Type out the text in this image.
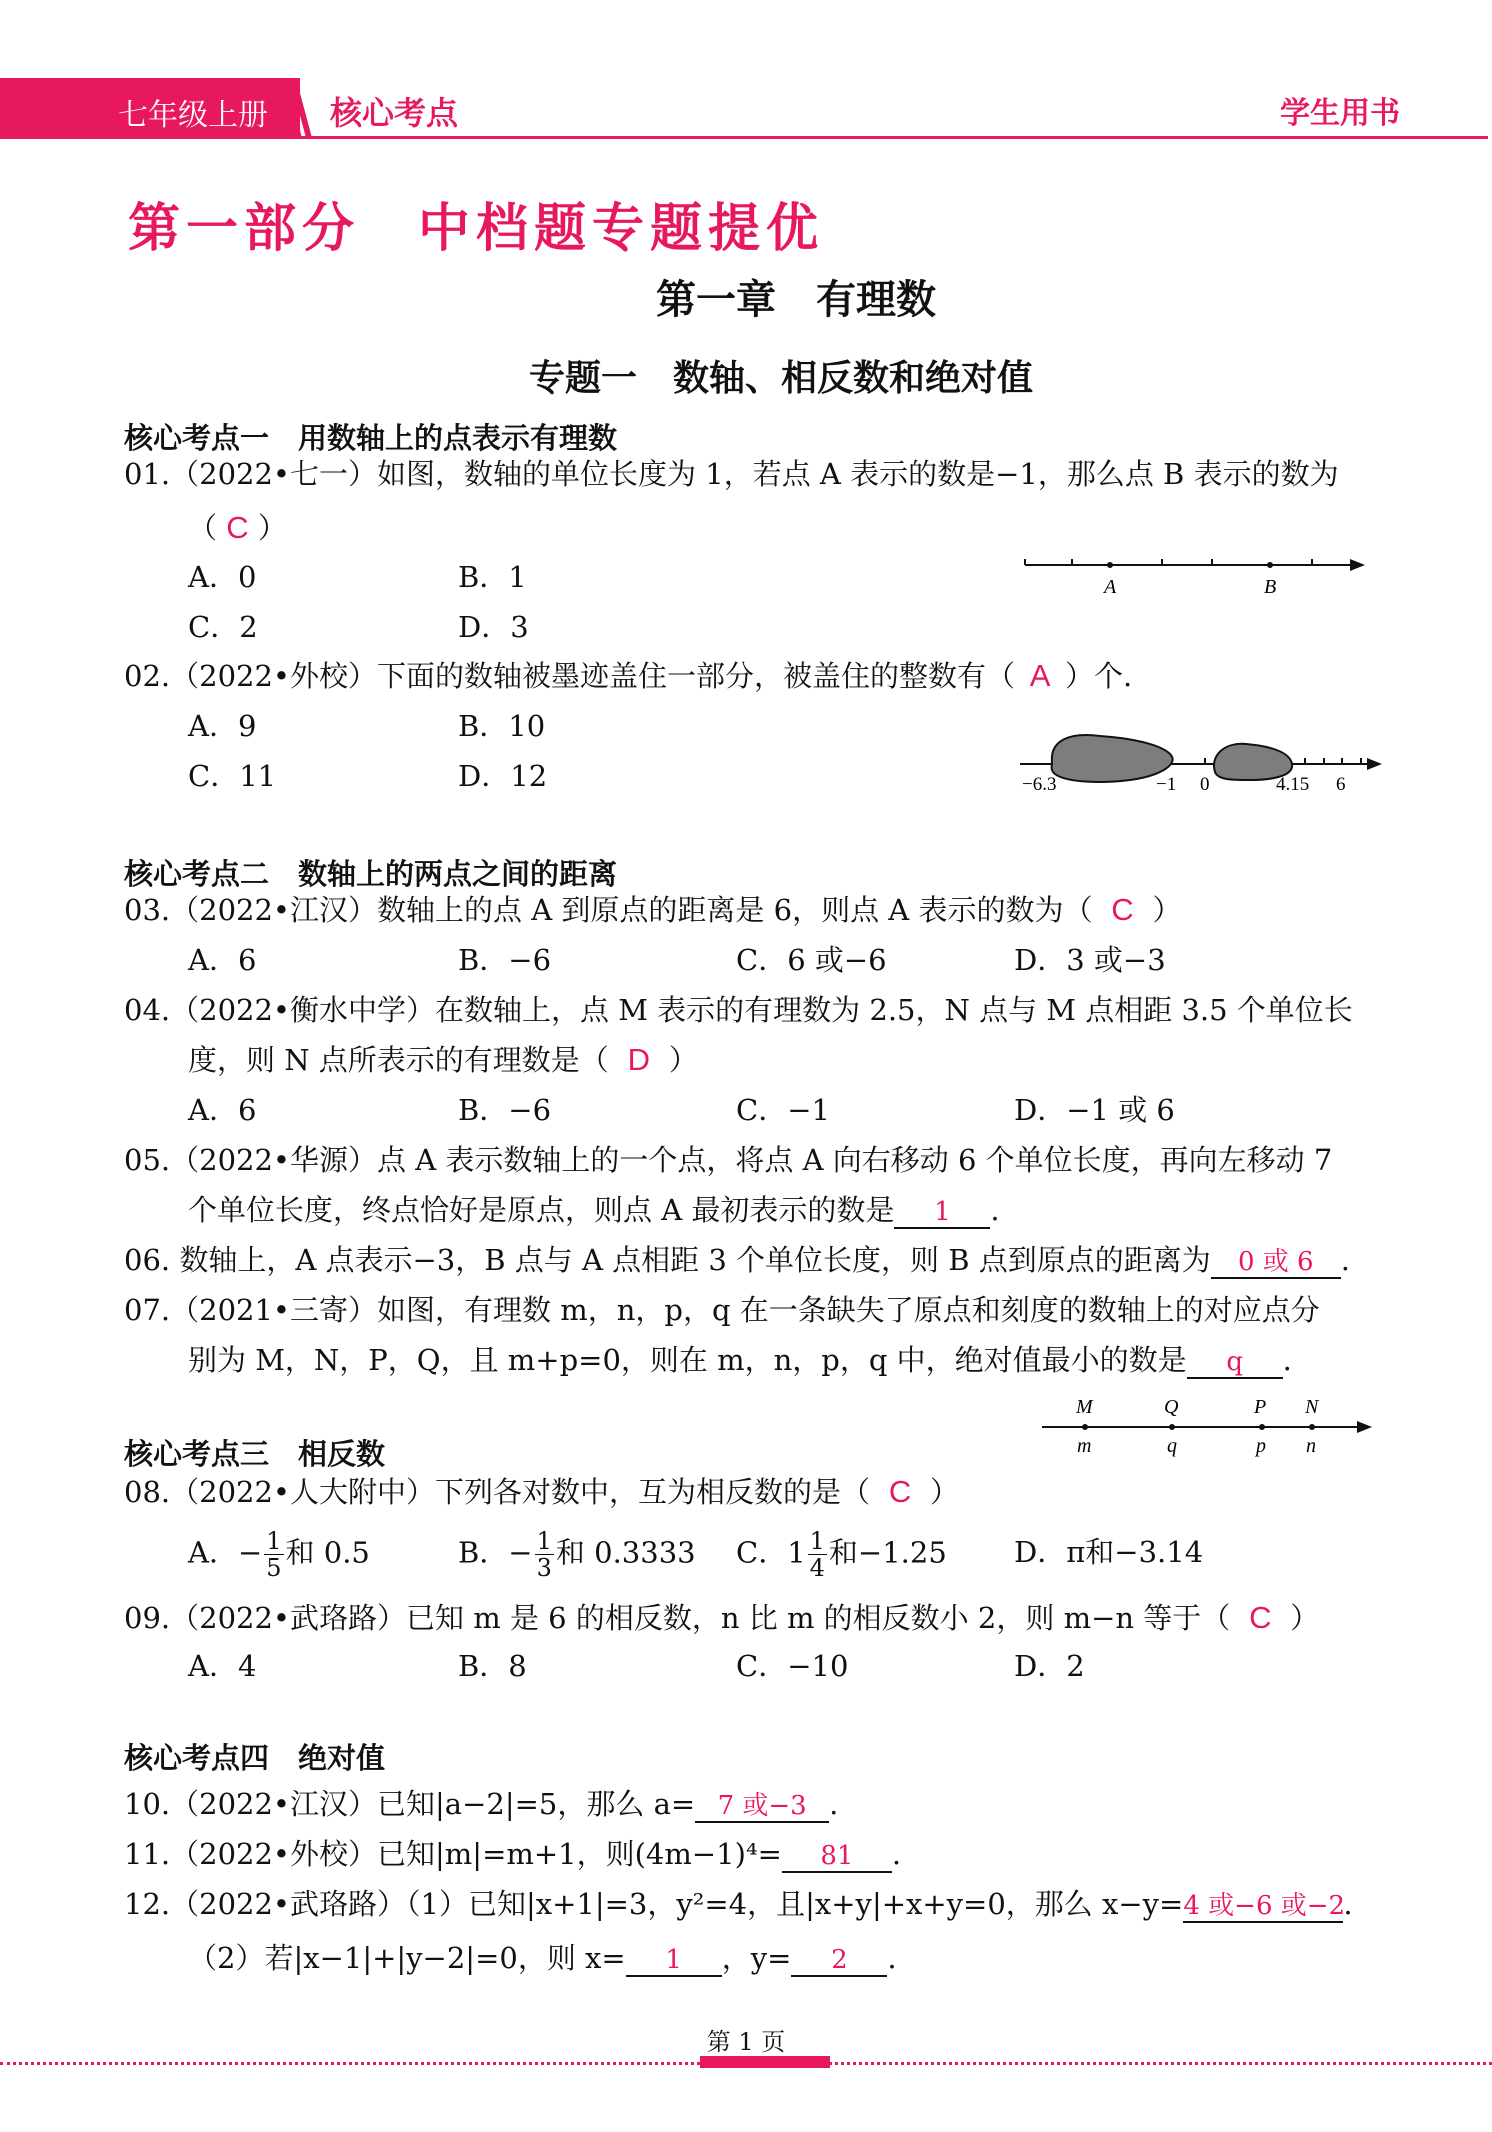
七年级上册 核心考点	学生用书
第一部分　中档题专题提优
第一章　有理数
专题一　数轴、相反数和绝对值
核心考点一　用数轴上的点表示有理数
01.（2022•七一）如图，数轴的单位长度为 1，若点 A 表示的数是−1，那么点 B 表示的数为
（ C ）
A．0	B．1
C．2	D．3
A	B
02.（2022•外校）下面的数轴被墨迹盖住一部分，被盖住的整数有（ A ）个.
A．9	B．10
C．11	D．12	−6.3	−1 0	4.15 6
核心考点二　数轴上的两点之间的距离
03.（2022•江汉）数轴上的点 A 到原点的距离是 6，则点 A 表示的数为（ C ）
A．6	B．−6	C．6 或−6	D．3 或−3
04.（2022•衡水中学）在数轴上，点 M 表示的有理数为 2.5，N 点与 M 点相距 3.5 个单位长
度，则 N 点所表示的有理数是（ D ）
A．6	B．−6	C．−1	D．−1 或 6
05.（2022•华源）点 A 表示数轴上的一个点，将点 A 向右移动 6 个单位长度，再向左移动 7
个单位长度，终点恰好是原点，则点 A 最初表示的数是 1 .
06. 数轴上，A 点表示−3，B 点与 A 点相距 3 个单位长度，则 B 点到原点的距离为 0 或 6 .
07.（2021•三寄）如图，有理数 m，n，p，q 在一条缺失了原点和刻度的数轴上的对应点分
别为 M，N，P，Q，且 m+p=0，则在 m，n，p，q 中，绝对值最小的数是 q .
M	Q	P N
m	q	p n
核心考点三　相反数
08.（2022•人大附中）下列各对数中，互为相反数的是（ C ）
A．− $\frac{1}{5}$ 和 0.5	B．− $\frac{1}{3}$ 和 0.3333 C．$1 \frac{1}{4}$ 和−1.25 D．π和−3.14
09.（2022•武珞路）已知 m 是 6 的相反数，n 比 m 的相反数小 2，则 m−n 等于（ C ）
A．4	B．8	C．−10	D．2
核心考点四　绝对值
10.（2022•江汉）已知|a−2|=5，那么 a= 7 或−3 .
11.（2022•外校）已知|m|=m+1，则(4m−1)⁴= 81 .
12.（2022•武珞路）（1）已知|x+1|=3，y²=4，且|x+y|+x+y=0，那么 x−y=4 或−6 或−2.
（2）若|x−1|+|y−2|=0，则 x= 1 ，y= 2 .
第 1 页
